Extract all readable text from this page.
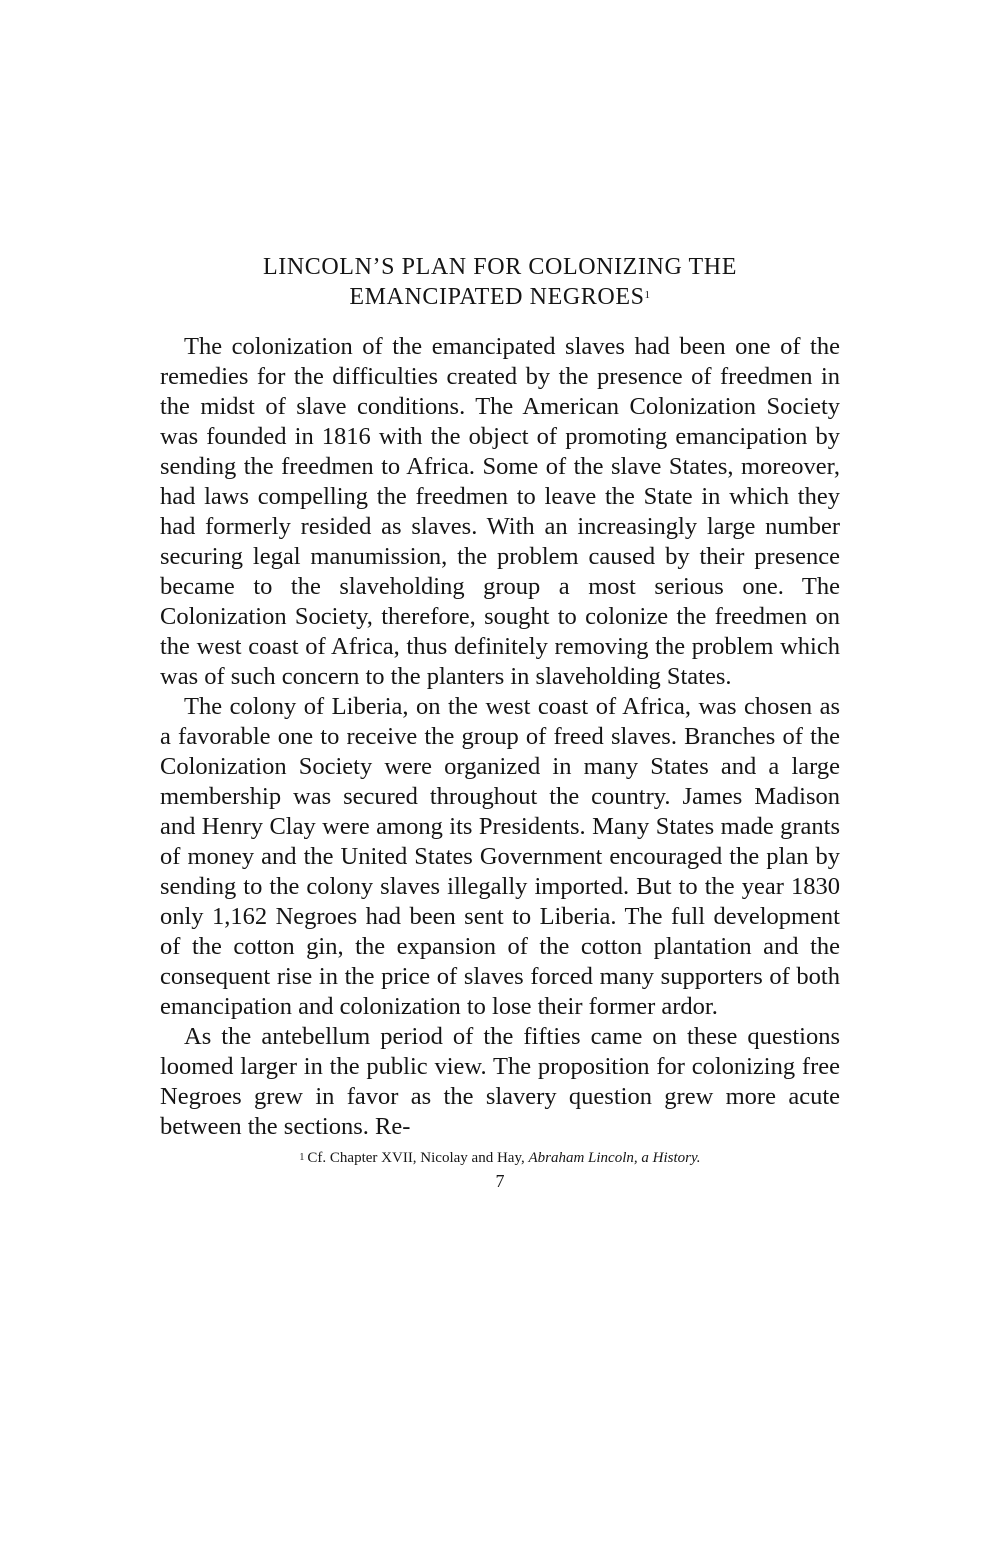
LINCOLN’S PLAN FOR COLONIZING THE
EMANCIPATED NEGROES$^1$

The colonization of the emancipated slaves had been one of the remedies for the difficulties created by the presence of freedmen in the midst of slave conditions. The American Colonization Society was founded in 1816 with the object of promoting emancipation by sending the freedmen to Africa. Some of the slave States, moreover, had laws compelling the freedmen to leave the State in which they had formerly resided as slaves. With an increasingly large number securing legal manumission, the problem caused by their presence became to the slaveholding group a most serious one. The Colonization Society, therefore, sought to colonize the freedmen on the west coast of Africa, thus definitely removing the problem which was of such concern to the planters in slaveholding States.

The colony of Liberia, on the west coast of Africa, was chosen as a favorable one to receive the group of freed slaves. Branches of the Colonization Society were organized in many States and a large membership was secured throughout the country. James Madison and Henry Clay were among its Presidents. Many States made grants of money and the United States Government encouraged the plan by sending to the colony slaves illegally imported. But to the year 1830 only 1,162 Negroes had been sent to Liberia. The full development of the cotton gin, the expansion of the cotton plantation and the consequent rise in the price of slaves forced many supporters of both emancipation and colonization to lose their former ardor.

As the antebellum period of the fifties came on these questions loomed larger in the public view. The proposition for colonizing free Negroes grew in favor as the slavery question grew more acute between the sections. Re-

$^1$ Cf. Chapter XVII, Nicolay and Hay, Abraham Lincoln, a History.
7
